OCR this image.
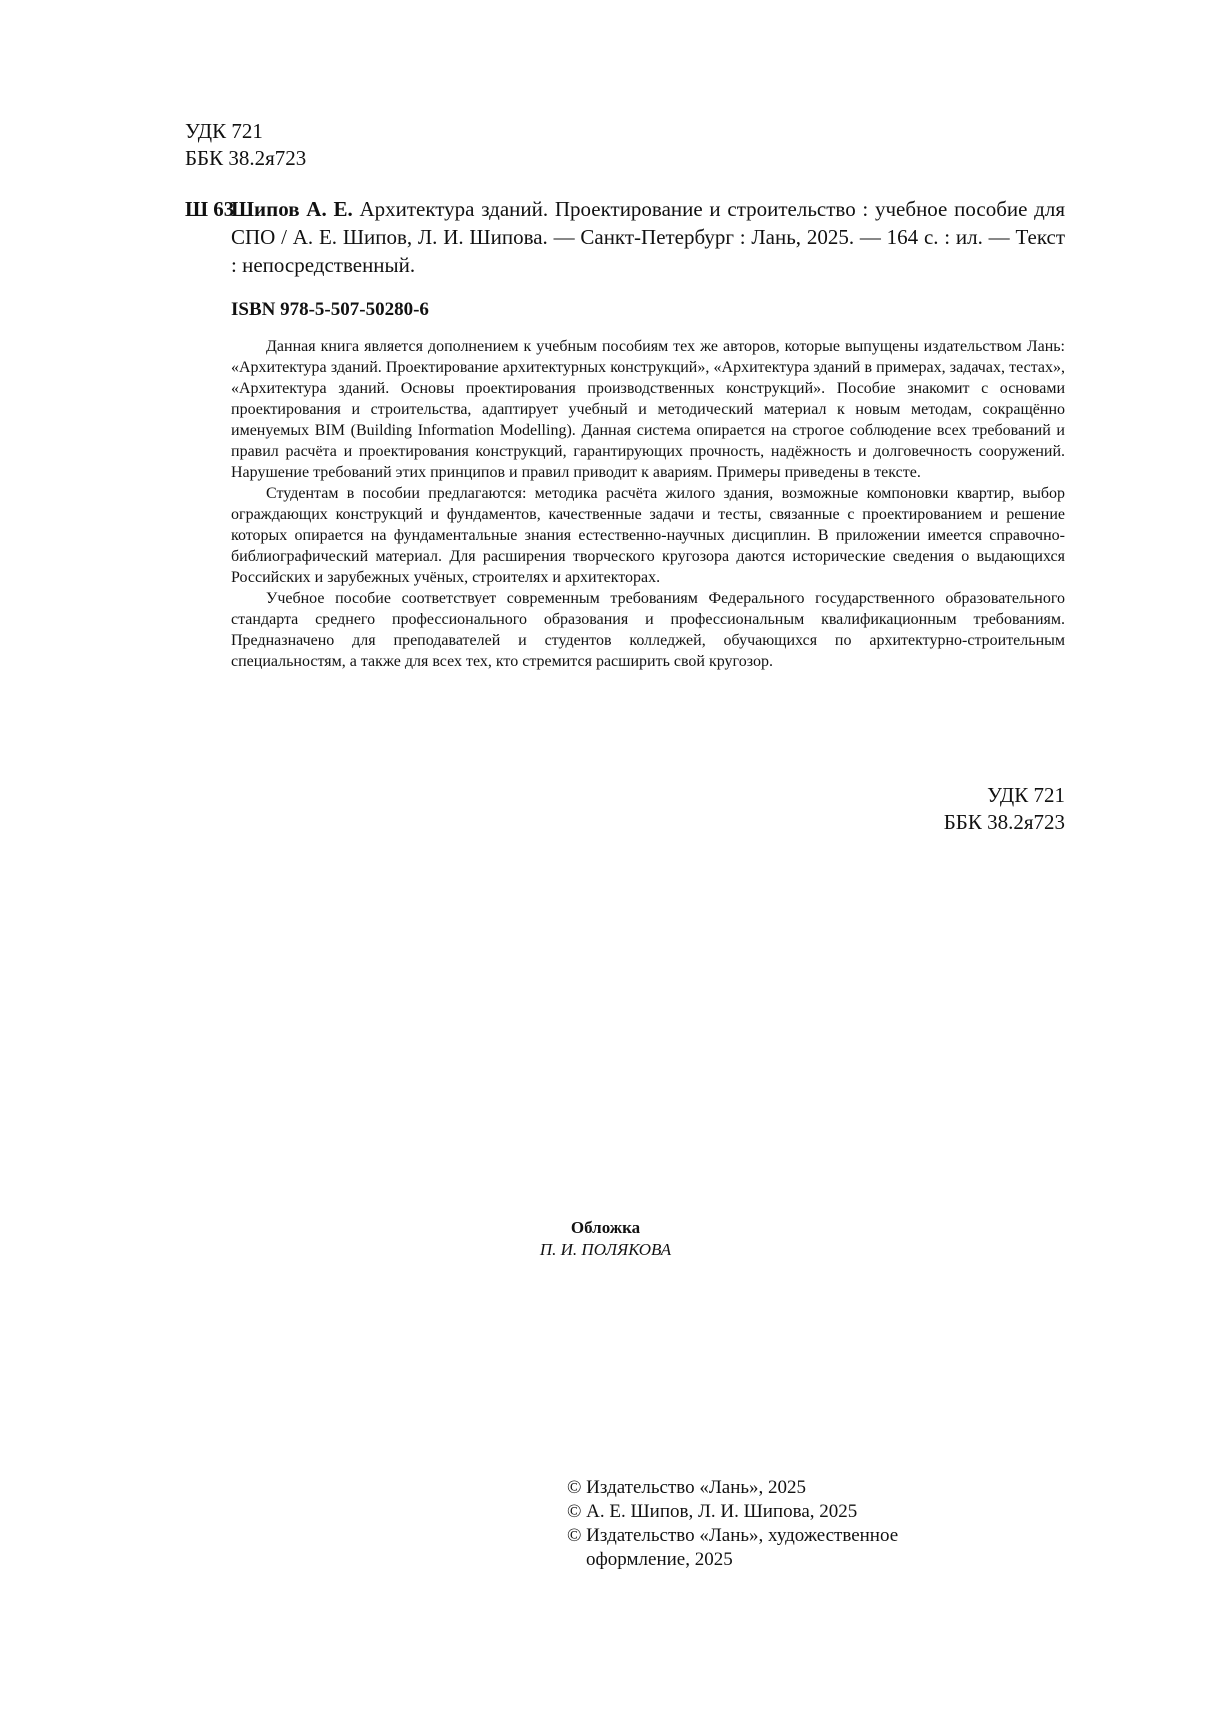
УДК 721
ББК 38.2я723
Ш 63
Шипов А. Е. Архитектура зданий. Проектирование и строительство : учебное пособие для СПО / А. Е. Шипов, Л. И. Шипова. — Санкт-Петербург : Лань, 2025. — 164 с. : ил. — Текст : непосредственный.
ISBN 978-5-507-50280-6

Данная книга является дополнением к учебным пособиям тех же авторов, которые выпущены издательством Лань: «Архитектура зданий. Проектирование архитектурных конструкций», «Архитектура зданий в примерах, задачах, тестах», «Архитектура зданий. Основы проектирования производственных конструкций». Пособие знакомит с основами проектирования и строительства, адаптирует учебный и методический материал к новым методам, сокращённо именуемых BIM (Building Information Modelling). Данная система опирается на строгое соблюдение всех требований и правил расчёта и проектирования конструкций, гарантирующих прочность, надёжность и долговечность сооружений. Нарушение требований этих принципов и правил приводит к авариям. Примеры приведены в тексте.

Студентам в пособии предлагаются: методика расчёта жилого здания, возможные компоновки квартир, выбор ограждающих конструкций и фундаментов, качественные задачи и тесты, связанные с проектированием и решение которых опирается на фундаментальные знания естественно-научных дисциплин. В приложении имеется справочно-библиографический материал. Для расширения творческого кругозора даются исторические сведения о выдающихся Российских и зарубежных учёных, строителях и архитекторах.

Учебное пособие соответствует современным требованиям Федерального государственного образовательного стандарта среднего профессионального образования и профессиональным квалификационным требованиям. Предназначено для преподавателей и студентов колледжей, обучающихся по архитектурно-строительным специальностям, а также для всех тех, кто стремится расширить свой кругозор.

УДК 721
ББК 38.2я723
Обложка
П. И. ПОЛЯКОВА
© Издательство «Лань», 2025
© А. Е. Шипов, Л. И. Шипова, 2025
© Издательство «Лань», художественное оформление, 2025
